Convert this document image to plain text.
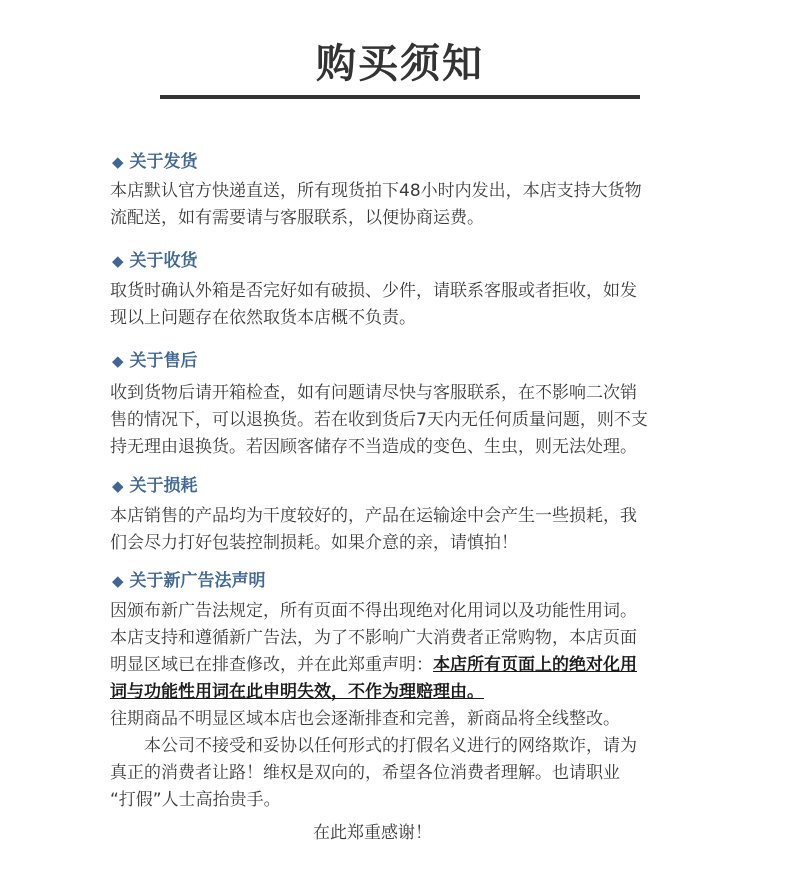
购买须知
◆ 关于发货
本店默认官方快递直送，所有现货拍下48小时内发出，本店支持大货物
流配送，如有需要请与客服联系，以便协商运费。
◆ 关于收货
取货时确认外箱是否完好如有破损、少件，请联系客服或者拒收，如发
现以上问题存在依然取货本店概不负责。
◆ 关于售后
收到货物后请开箱检查，如有问题请尽快与客服联系，在不影响二次销
售的情况下，可以退换货。若在收到货后7天内无任何质量问题，则不支
持无理由退换货。若因顾客储存不当造成的变色、生虫，则无法处理。
◆ 关于损耗
本店销售的产品均为干度较好的，产品在运输途中会产生一些损耗，我
们会尽力打好包装控制损耗。如果介意的亲，请慎拍！
◆ 关于新广告法声明
因颁布新广告法规定，所有页面不得出现绝对化用词以及功能性用词。
本店支持和遵循新广告法，为了不影响广大消费者正常购物，本店页面
明显区域已在排查修改，并在此郑重声明：本店所有页面上的绝对化用
词与功能性用词在此申明失效，不作为理赔理由。
往期商品不明显区域本店也会逐渐排查和完善，新商品将全线整改。
　　本公司不接受和妥协以任何形式的打假名义进行的网络欺诈，请为
真正的消费者让路！维权是双向的，希望各位消费者理解。也请职业
“打假”人士高抬贵手。
在此郑重感谢！
